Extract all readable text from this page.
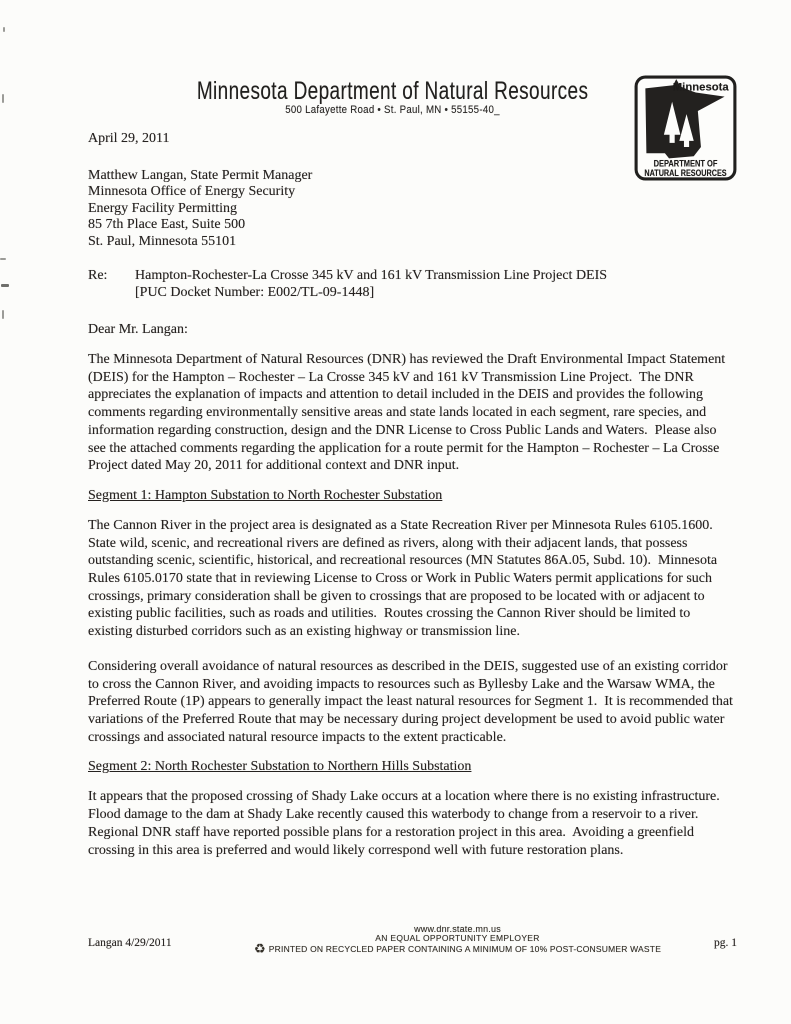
Minnesota Department of Natural Resources
500 Lafayette Road • St. Paul, MN • 55155-40_
Minnesota
DEPARTMENT OF
NATURAL RESOURCES
April 29, 2011
Matthew Langan, State Permit Manager
Minnesota Office of Energy Security
Energy Facility Permitting
85 7th Place East, Suite 500
St. Paul, Minnesota 55101
Re:	Hampton-Rochester-La Crosse 345 kV and 161 kV Transmission Line Project DEIS
[PUC Docket Number: E002/TL-09-1448]
Dear Mr. Langan:

The Minnesota Department of Natural Resources (DNR) has reviewed the Draft Environmental Impact Statement (DEIS) for the Hampton – Rochester – La Crosse 345 kV and 161 kV Transmission Line Project.  The DNR appreciates the explanation of impacts and attention to detail included in the DEIS and provides the following comments regarding environmentally sensitive areas and state lands located in each segment, rare species, and information regarding construction, design and the DNR License to Cross Public Lands and Waters.  Please also see the attached comments regarding the application for a route permit for the Hampton – Rochester – La Crosse Project dated May 20, 2011 for additional context and DNR input.

Segment 1: Hampton Substation to North Rochester Substation

The Cannon River in the project area is designated as a State Recreation River per Minnesota Rules 6105.1600.  State wild, scenic, and recreational rivers are defined as rivers, along with their adjacent lands, that possess outstanding scenic, scientific, historical, and recreational resources (MN Statutes 86A.05, Subd. 10).  Minnesota Rules 6105.0170 state that in reviewing License to Cross or Work in Public Waters permit applications for such crossings, primary consideration shall be given to crossings that are proposed to be located with or adjacent to existing public facilities, such as roads and utilities.  Routes crossing the Cannon River should be limited to existing disturbed corridors such as an existing highway or transmission line.

Considering overall avoidance of natural resources as described in the DEIS, suggested use of an existing corridor to cross the Cannon River, and avoiding impacts to resources such as Byllesby Lake and the Warsaw WMA, the Preferred Route (1P) appears to generally impact the least natural resources for Segment 1.  It is recommended that variations of the Preferred Route that may be necessary during project development be used to avoid public water crossings and associated natural resource impacts to the extent practicable.

Segment 2: North Rochester Substation to Northern Hills Substation

It appears that the proposed crossing of Shady Lake occurs at a location where there is no existing infrastructure.  Flood damage to the dam at Shady Lake recently caused this waterbody to change from a reservoir to a river.  Regional DNR staff have reported possible plans for a restoration project in this area.  Avoiding a greenfield crossing in this area is preferred and would likely correspond well with future restoration plans.

Langan 4/29/2011
www.dnr.state.mn.us
AN EQUAL OPPORTUNITY EMPLOYER
♻ PRINTED ON RECYCLED PAPER CONTAINING A MINIMUM OF 10% POST-CONSUMER WASTE	pg. 1
